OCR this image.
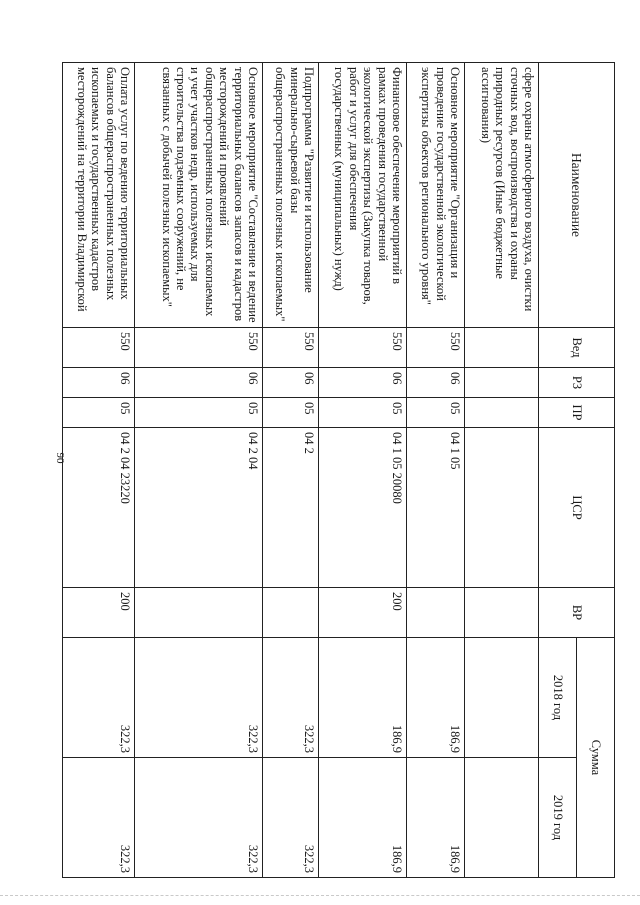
90
Наименование	Вед	РЗ	ПР	ЦСР	ВР	Сумма	
						2018 год	2019 год
сфере охраны атмосферного воздуха, очистки сточных вод, воспроизводства и охраны природных ресурсов (Иные бюджетные ассигнования)							
Основное мероприятие "Организация и проведение государственной экологической экспертизы объектов регионального уровня"	550	06	05	04 1 05		186,9	186,9
Финансовое обеспечение мероприятий в рамках проведения государственной экологической экспертизы (Закупка товаров, работ и услуг для обеспечения государственных (муниципальных) нужд)	550	06	05	04 1 05 20080	200	186,9	186,9
Подпрограмма "Развитие и использование минерально-сырьевой базы общераспространенных полезных ископаемых"	550	06	05	04 2		322,3	322,3
Основное мероприятие "Составление и ведение территориальных балансов запасов и кадастров месторождений и проявлений общераспространенных полезных ископаемых и учет участков недр, используемых для строительства подземных сооружений, не связанных с добычей полезных ископаемых"	550	06	05	04 2 04		322,3	322,3
Оплата услуг по ведению территориальных балансов общераспространенных полезных ископаемых и государственных кадастров месторождений на территории Владимирской	550	06	05	04 2 04 23220	200	322,3	322,3
